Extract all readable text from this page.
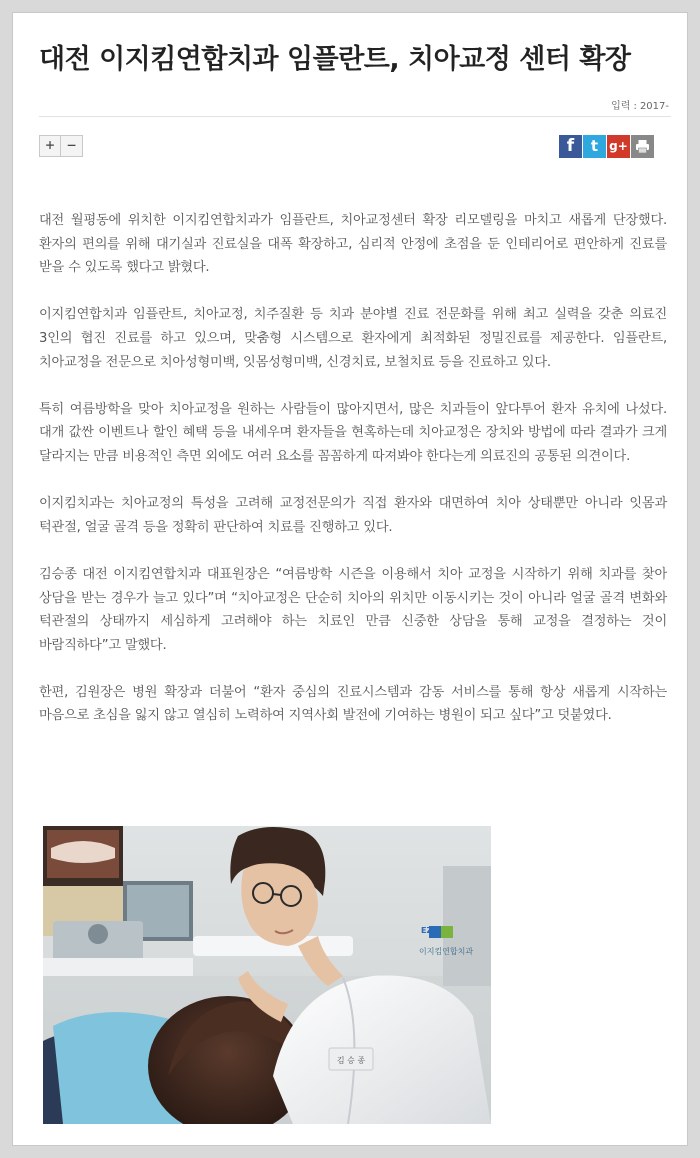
대전 이지킴연합치과 임플란트, 치아교정 센터 확장
입력 : 2017-
+ −	f	t g+

대전 월평동에 위치한 이지킴연합치과가 임플란트, 치아교정센터 확장 리모델링을 마치고 새롭게 단장했다. 환자의 편의를 위해 대기실과 진료실을 대폭 확장하고, 심리적 안정에 초점을 둔 인테리어로 편안하게 진료를 받을 수 있도록 했다고 밝혔다.

이지킴연합치과 임플란트, 치아교정, 치주질환 등 치과 분야별 진료 전문화를 위해 최고 실력을 갖춘 의료진 3인의 협진 진료를 하고 있으며, 맞춤형 시스템으로 환자에게 최적화된 정밀진료를 제공한다. 임플란트, 치아교정을 전문으로 치아성형미백, 잇몸성형미백, 신경치료, 보철치료 등을 진료하고 있다.

특히 여름방학을 맞아 치아교정을 원하는 사람들이 많아지면서, 많은 치과들이 앞다투어 환자 유치에 나섰다. 대개 값싼 이벤트나 할인 혜택 등을 내세우며 환자들을 현혹하는데 치아교정은 장치와 방법에 따라 결과가 크게 달라지는 만큼 비용적인 측면 외에도 여러 요소를 꼼꼼하게 따져봐야 한다는게 의료진의 공통된 의견이다.

이지킴치과는 치아교정의 특성을 고려해 교정전문의가 직접 환자와 대면하여 치아 상태뿐만 아니라 잇몸과 턱관절, 얼굴 골격 등을 정확히 판단하여 치료를 진행하고 있다.

김승종 대전 이지킴연합치과 대표원장은 “여름방학 시즌을 이용해서 치아 교정을 시작하기 위해 치과를 찾아 상담을 받는 경우가 늘고 있다”며 “치아교정은 단순히 치아의 위치만 이동시키는 것이 아니라 얼굴 골격 변화와 턱관절의 상태까지 세심하게 고려해야 하는 치료인 만큼 신중한 상담을 통해 교정을 결정하는 것이 바람직하다”고 말했다.

한편, 김원장은 병원 확장과 더불어 “환자 중심의 진료시스템과 감동 서비스를 통해 항상 새롭게 시작하는 마음으로 초심을 잃지 않고 열심히 노력하여 지역사회 발전에 기여하는 병원이 되고 싶다”고 덧붙였다.

김 승 종
EZK
이지킴연합치과
